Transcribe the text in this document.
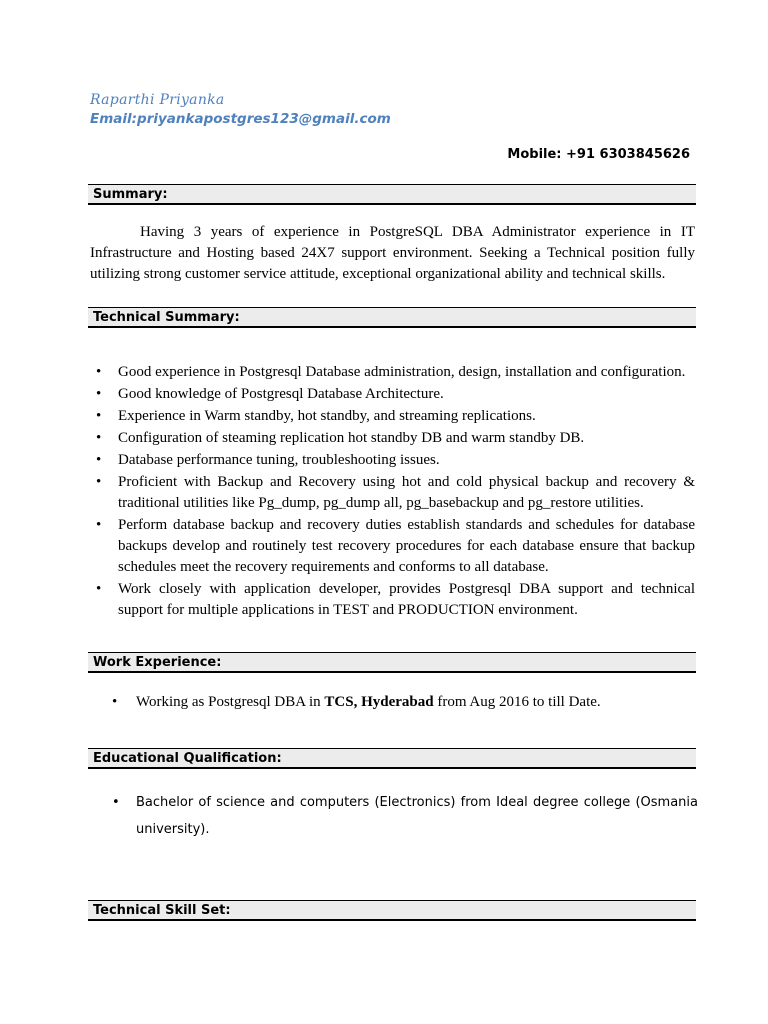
Raparthi Priyanka
Email:priyankapostgres123@gmail.com
Mobile: +91 6303845626
Summary:
Having 3 years of experience in PostgreSQL DBA Administrator experience in IT Infrastructure and Hosting based 24X7 support environment. Seeking a Technical position fully utilizing strong customer service attitude, exceptional organizational ability and technical skills.
Technical Summary:
• Good experience in Postgresql Database administration, design, installation and configuration.
• Good knowledge of Postgresql Database Architecture.
• Experience in Warm standby, hot standby, and streaming replications.
• Configuration of steaming replication hot standby DB and warm standby DB.
• Database performance tuning, troubleshooting issues.
• Proficient with Backup and Recovery using hot and cold physical backup and recovery & traditional utilities like Pg_dump, pg_dump all, pg_basebackup and pg_restore utilities.
• Perform database backup and recovery duties establish standards and schedules for database backups develop and routinely test recovery procedures for each database ensure that backup schedules meet the recovery requirements and conforms to all database.
• Work closely with application developer, provides Postgresql DBA support and technical support for multiple applications in TEST and PRODUCTION environment.
Work Experience:
• Working as Postgresql DBA in TCS, Hyderabad from Aug 2016 to till Date.
Educational Qualification:
• Bachelor of science and computers (Electronics) from Ideal degree college (Osmania university).
Technical Skill Set:
